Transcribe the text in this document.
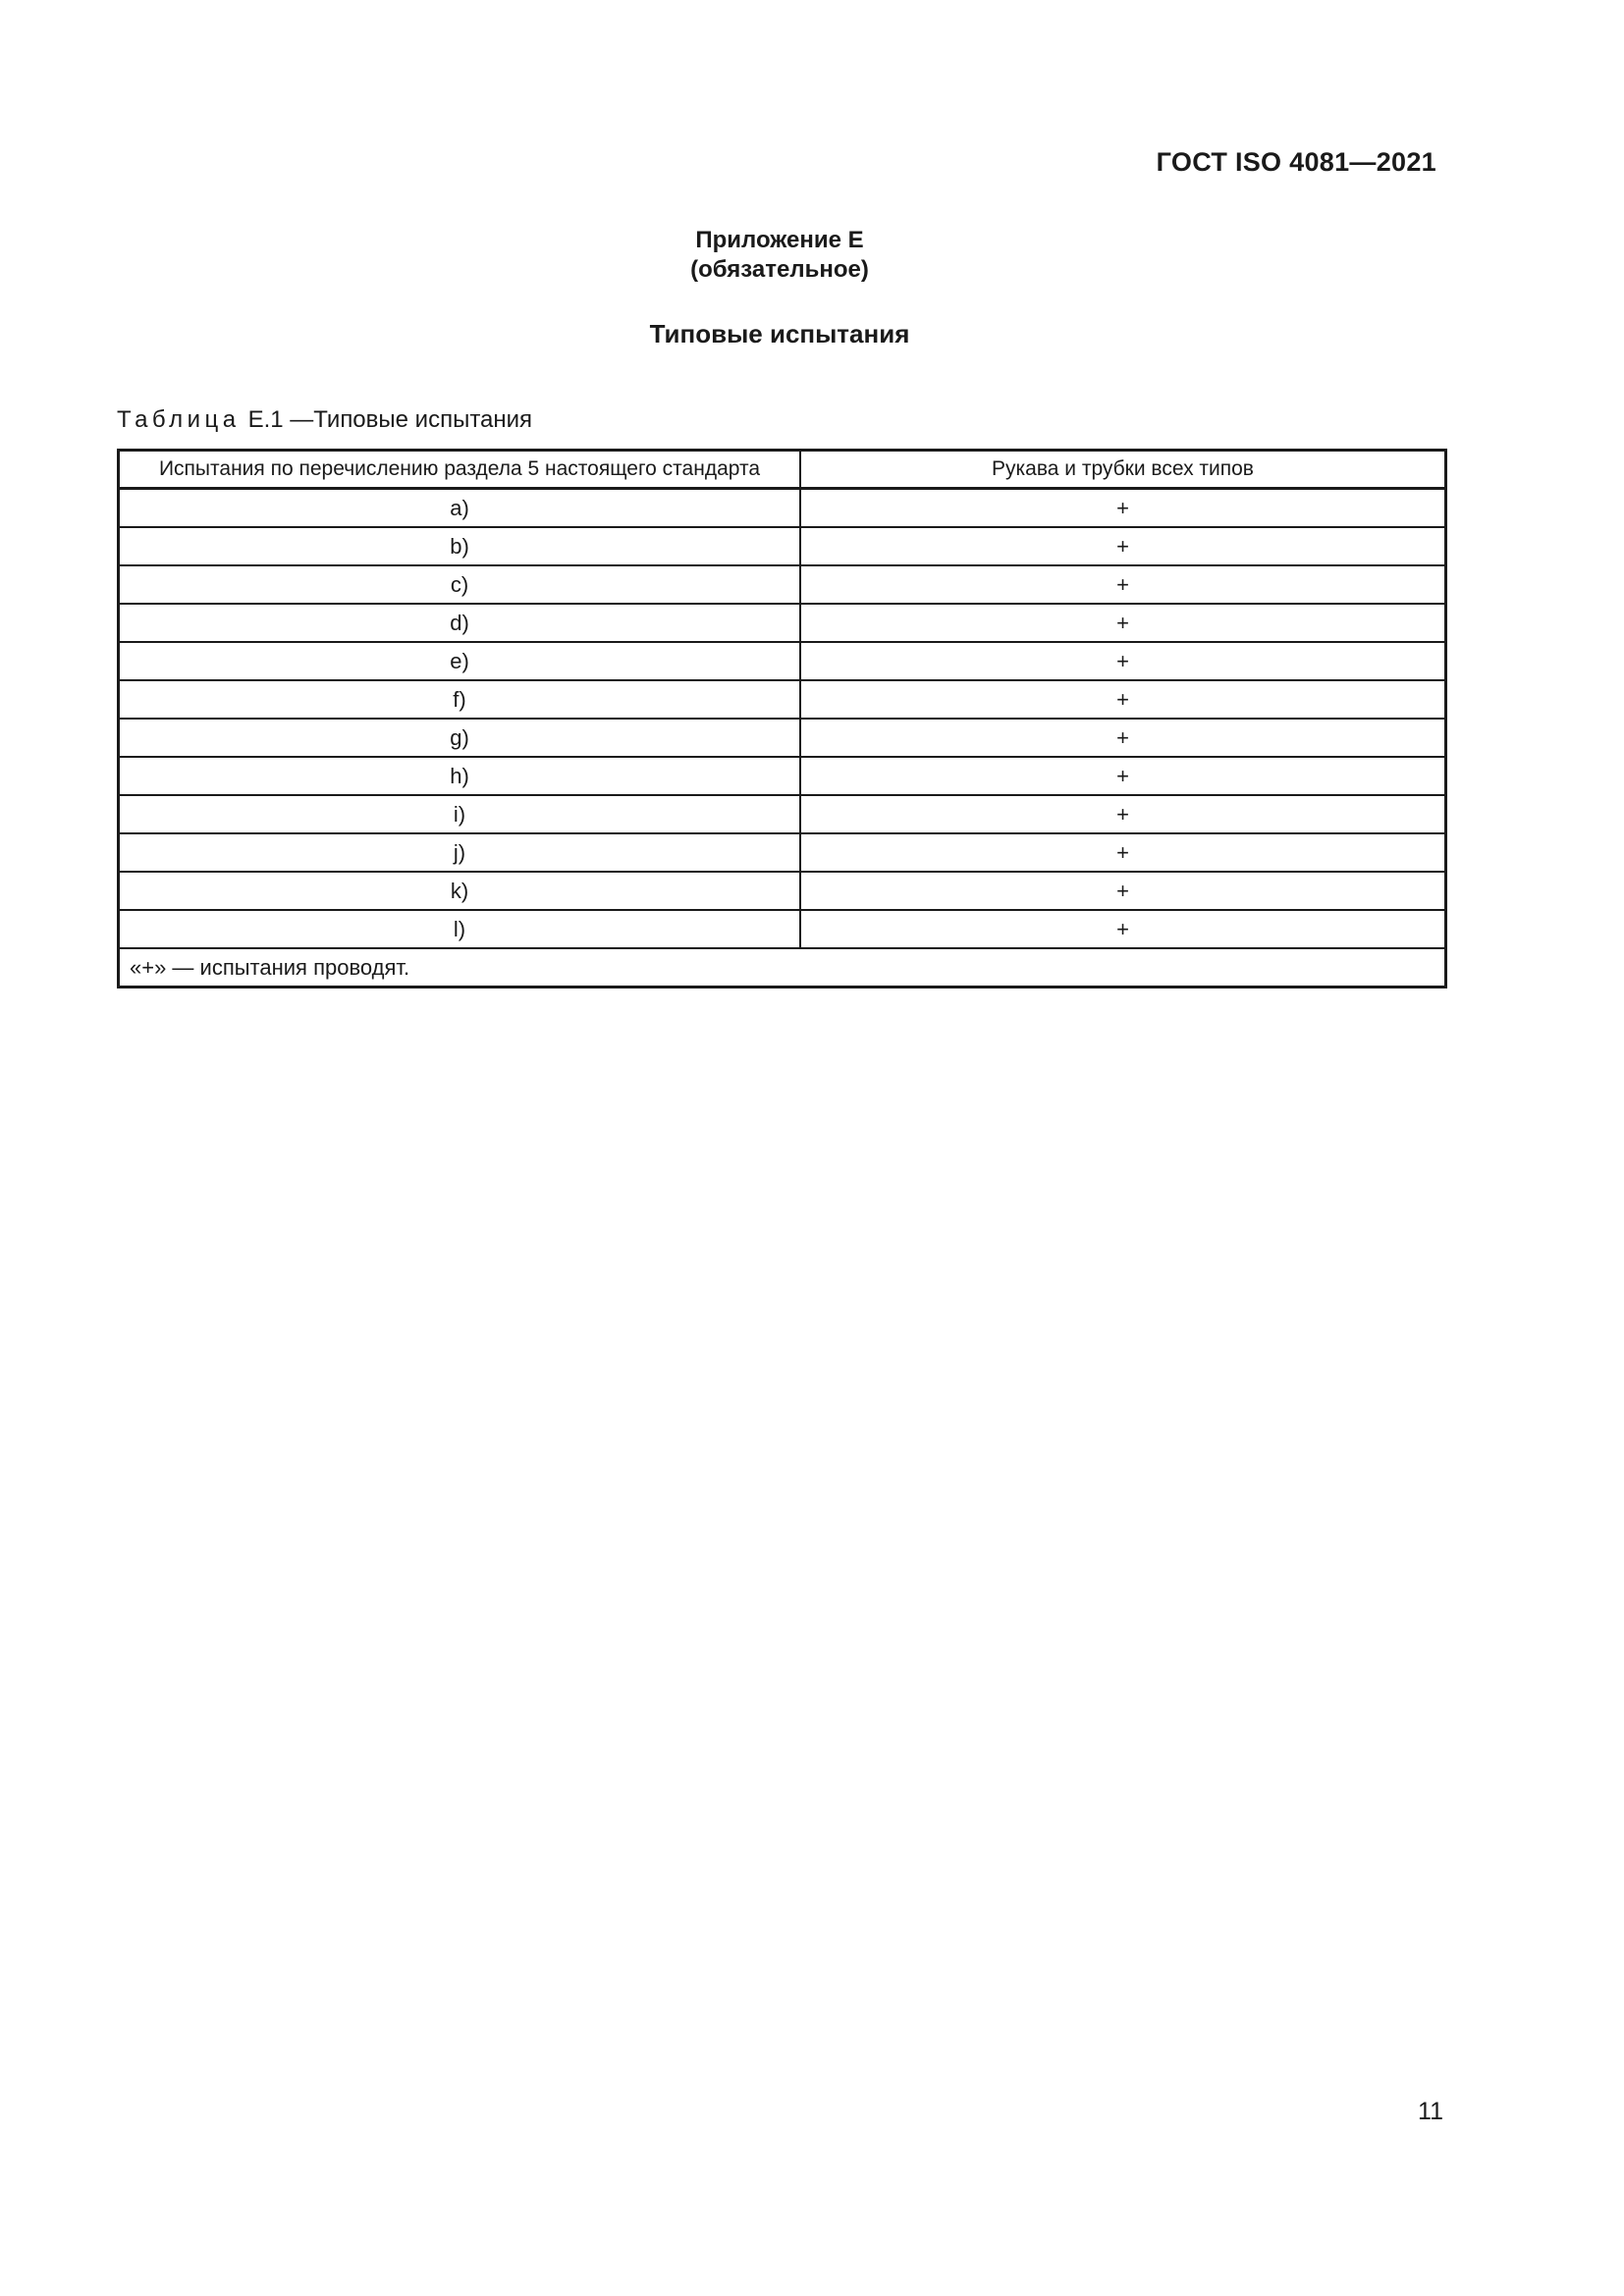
ГОСТ ISO 4081—2021
Приложение Е
(обязательное)
Типовые испытания
Таблица Е.1 —Типовые испытания
Испытания по перечислению раздела 5 настоящего стандарта	Рукава и трубки всех типов
a)	+
b)	+
c)	+
d)	+
e)	+
f)	+
g)	+
h)	+
i)	+
j)	+
k)	+
l)	+
«+» — испытания проводят.	
11
